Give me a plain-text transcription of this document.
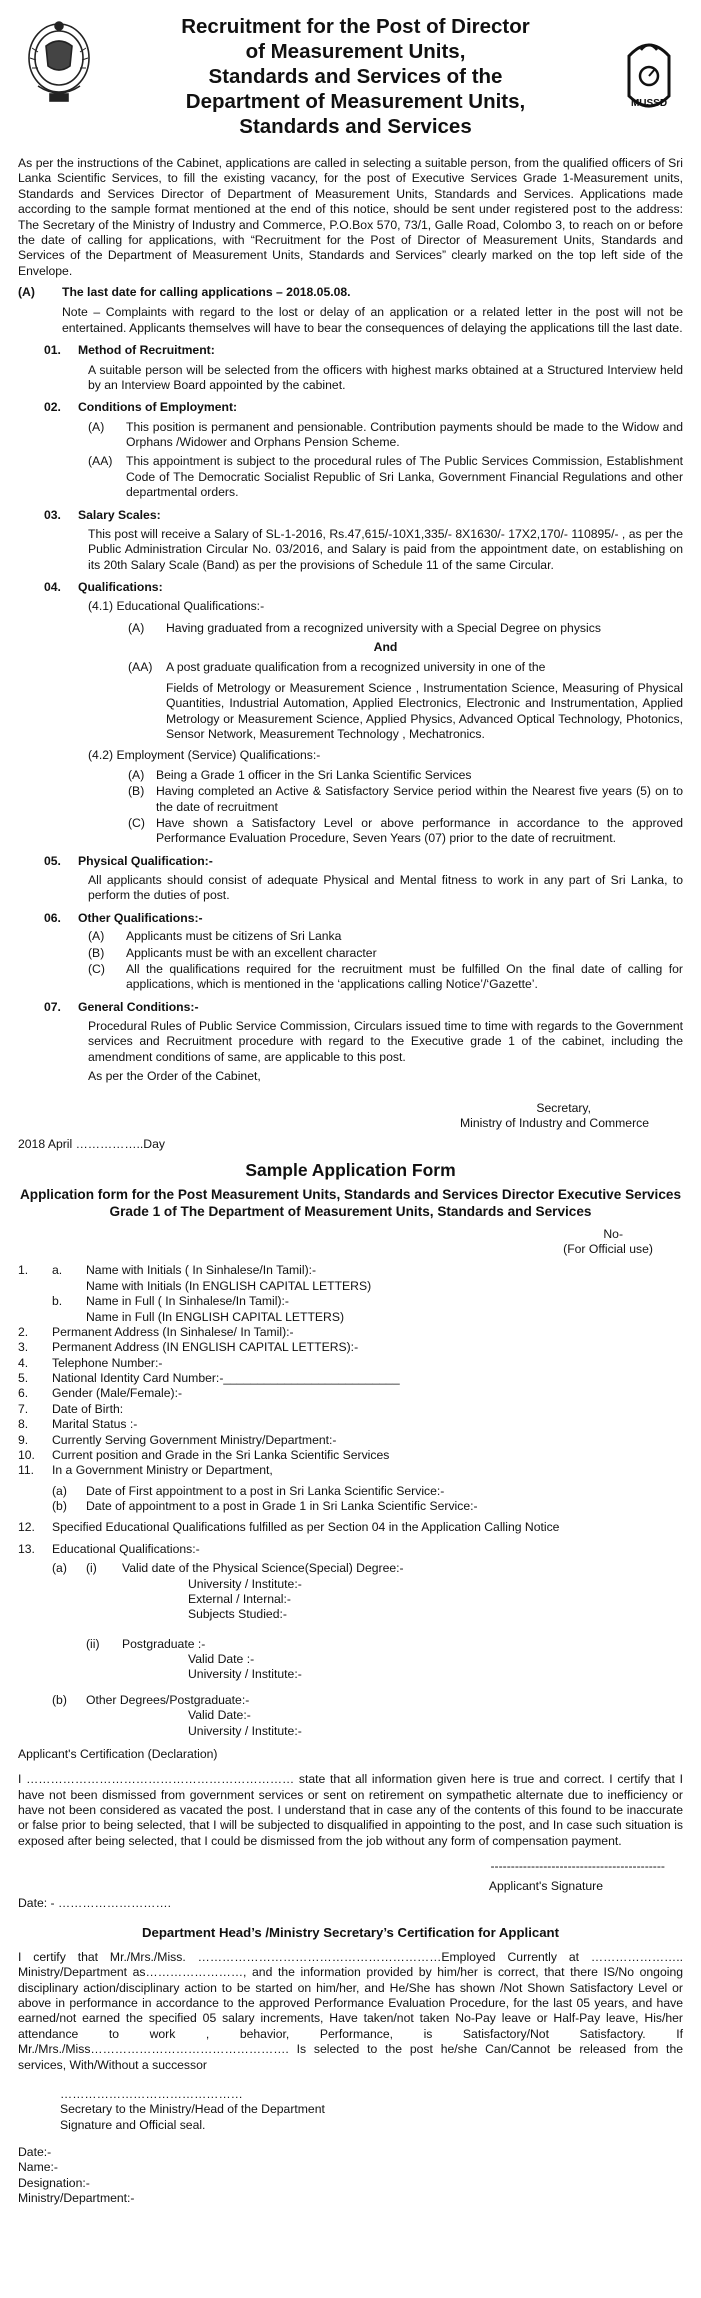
Recruitment for the Post of Director
of Measurement Units,
Standards and Services of the
Department of Measurement Units,
Standards and Services
MUSSD

As per the instructions of the Cabinet, applications are called in selecting a suitable person, from the qualified officers of Sri Lanka Scientific Services, to fill the existing vacancy, for the post of Executive Services Grade 1-Measurement units, Standards and Services Director of Department of Measurement Units, Standards and Services. Applications made according to the sample format mentioned at the end of this notice, should be sent under registered post to the address: The Secretary of the Ministry of Industry and Commerce, P.O.Box 570, 73/1, Galle Road, Colombo 3, to reach on or before the date of calling for applications, with “Recruitment for the Post of Director of Measurement Units, Standards and Services of the Department of Measurement Units, Standards and Services” clearly marked on the top left side of the Envelope.

(A)	The last date for calling applications – 2018.05.08.

Note – Complaints with regard to the lost or delay of an application or a related letter in the post will not be entertained. Applicants themselves will have to bear the consequences of delaying the applications till the last date.

01.	Method of Recruitment:

A suitable person will be selected from the officers with highest marks obtained at a Structured Interview held by an Interview Board appointed by the cabinet.

02.	Conditions of Employment:
(A)	This position is permanent and pensionable. Contribution payments should be made to the Widow and Orphans /Widower and Orphans Pension Scheme.
(AA)	This appointment is subject to the procedural rules of The Public Services Commission, Establishment Code of The Democratic Socialist Republic of Sri Lanka, Government Financial Regulations and other departmental orders.
03.	Salary Scales:

This post will receive a Salary of SL-1-2016, Rs.47,615/-10X1,335/- 8X1630/- 17X2,170/- 110895/- , as per the Public Administration Circular No. 03/2016, and Salary is paid from the appointment date, on establishing on its 20th Salary Scale (Band) as per the provisions of Schedule 11 of the same Circular.

04.	Qualifications:

(4.1) Educational Qualifications:-

(A)	Having graduated from a recognized university with a Special Degree on physics

And

(AA)	A post graduate qualification from a recognized university in one of the

Fields of Metrology or Measurement Science , Instrumentation Science, Measuring of Physical Quantities, Industrial Automation, Applied Electronics, Electronic and Instrumentation, Applied Metrology or Measurement Science, Applied Physics, Advanced Optical Technology, Photonics, Sensor Network, Measurement Technology , Mechatronics.

(4.2) Employment (Service) Qualifications:-

(A) Being a Grade 1 officer in the Sri Lanka Scientific Services
(B) Having completed an Active & Satisfactory Service period within the Nearest five years (5) on to the date of recruitment
(C) Have shown a Satisfactory Level or above performance in accordance to the approved Performance Evaluation Procedure, Seven Years (07) prior to the date of recruitment.
05.	Physical Qualification:-

All applicants should consist of adequate Physical and Mental fitness to work in any part of Sri Lanka, to perform the duties of post.

06.	Other Qualifications:-
(A)	Applicants must be citizens of Sri Lanka
(B)	Applicants must be with an excellent character
(C)	All the qualifications required for the recruitment must be fulfilled On the final date of calling for applications, which is mentioned in the ‘applications calling Notice’/‘Gazette’.
07.	General Conditions:-

Procedural Rules of Public Service Commission, Circulars issued time to time with regards to the Government services and Recruitment procedure with regard to the Executive grade 1 of the cabinet, including the amendment conditions of same, are applicable to this post.

As per the Order of the Cabinet,

Secretary,

Ministry of Industry and Commerce

2018 April ……………..Day

Sample Application Form

Application form for the Post Measurement Units, Standards and Services Director Executive Services Grade 1 of The Department of Measurement Units, Standards and Services

No-

(For Official use)

1.	a.	Name with Initials ( In Sinhalese/In Tamil):-
Name with Initials (In ENGLISH CAPITAL LETTERS)
b.	Name in Full ( In Sinhalese/In Tamil):-
Name in Full (In ENGLISH CAPITAL LETTERS)
2.	Permanent Address (In Sinhalese/ In Tamil):-
3.	Permanent Address (IN ENGLISH CAPITAL LETTERS):-
4.	Telephone Number:-
5.	National Identity Card Number:-__________________________
6.	Gender (Male/Female):-
7.	Date of Birth:
8.	Marital Status :-
9.	Currently Serving Government Ministry/Department:-
10.	Current position and Grade in the Sri Lanka Scientific Services
11.	In a Government Ministry or Department,
(a)	Date of First appointment to a post in Sri Lanka Scientific Service:-
(b)	Date of appointment to a post in Grade 1 in Sri Lanka Scientific Service:-
12.	Specified Educational Qualifications fulfilled as per Section 04 in the Application Calling Notice
13.	Educational Qualifications:-
(a)	(i)	Valid date of the Physical Science(Special) Degree:-
University / Institute:-
External / Internal:-
Subjects Studied:-
(ii)	Postgraduate :-
Valid Date :-
University / Institute:-
(b)	Other Degrees/Postgraduate:-
Valid Date:-
University / Institute:-

Applicant's Certification (Declaration)

I ………………………………………………………… state that all information given here is true and correct. I certify that I have not been dismissed from government services or sent on retirement on sympathetic alternate due to inefficiency or have not been considered as vacated the post. I understand that in case any of the contents of this found to be inaccurate or false prior to being selected, that I will be subjected to disqualified in appointing to the post, and In case such situation is exposed after being selected, that I could be dismissed from the job without any form of compensation payment.

-------------------------------------------

Applicant's Signature

Date: - ……………………….

Department Head’s /Ministry Secretary’s Certification for Applicant

I certify that Mr./Mrs./Miss. ……………………………………………………Employed Currently at ………………….. Ministry/Department as……………………, and the information provided by him/her is correct, that there IS/No ongoing disciplinary action/disciplinary action to be started on him/her, and He/She has shown /Not Shown Satisfactory Level or above in performance in accordance to the approved Performance Evaluation Procedure, for the last 05 years, and have earned/not earned the specified 05 salary increments, Have taken/not taken No-Pay leave or Half-Pay leave, His/her attendance to work , behavior, Performance, is Satisfactory/Not Satisfactory. If Mr./Mrs./Miss…………………………………………. Is selected to the post he/she Can/Cannot be released from the services, With/Without a successor

………………………………………

Secretary to the Ministry/Head of the Department

Signature and Official seal.

Date:-

Name:-

Designation:-

Ministry/Department:-
